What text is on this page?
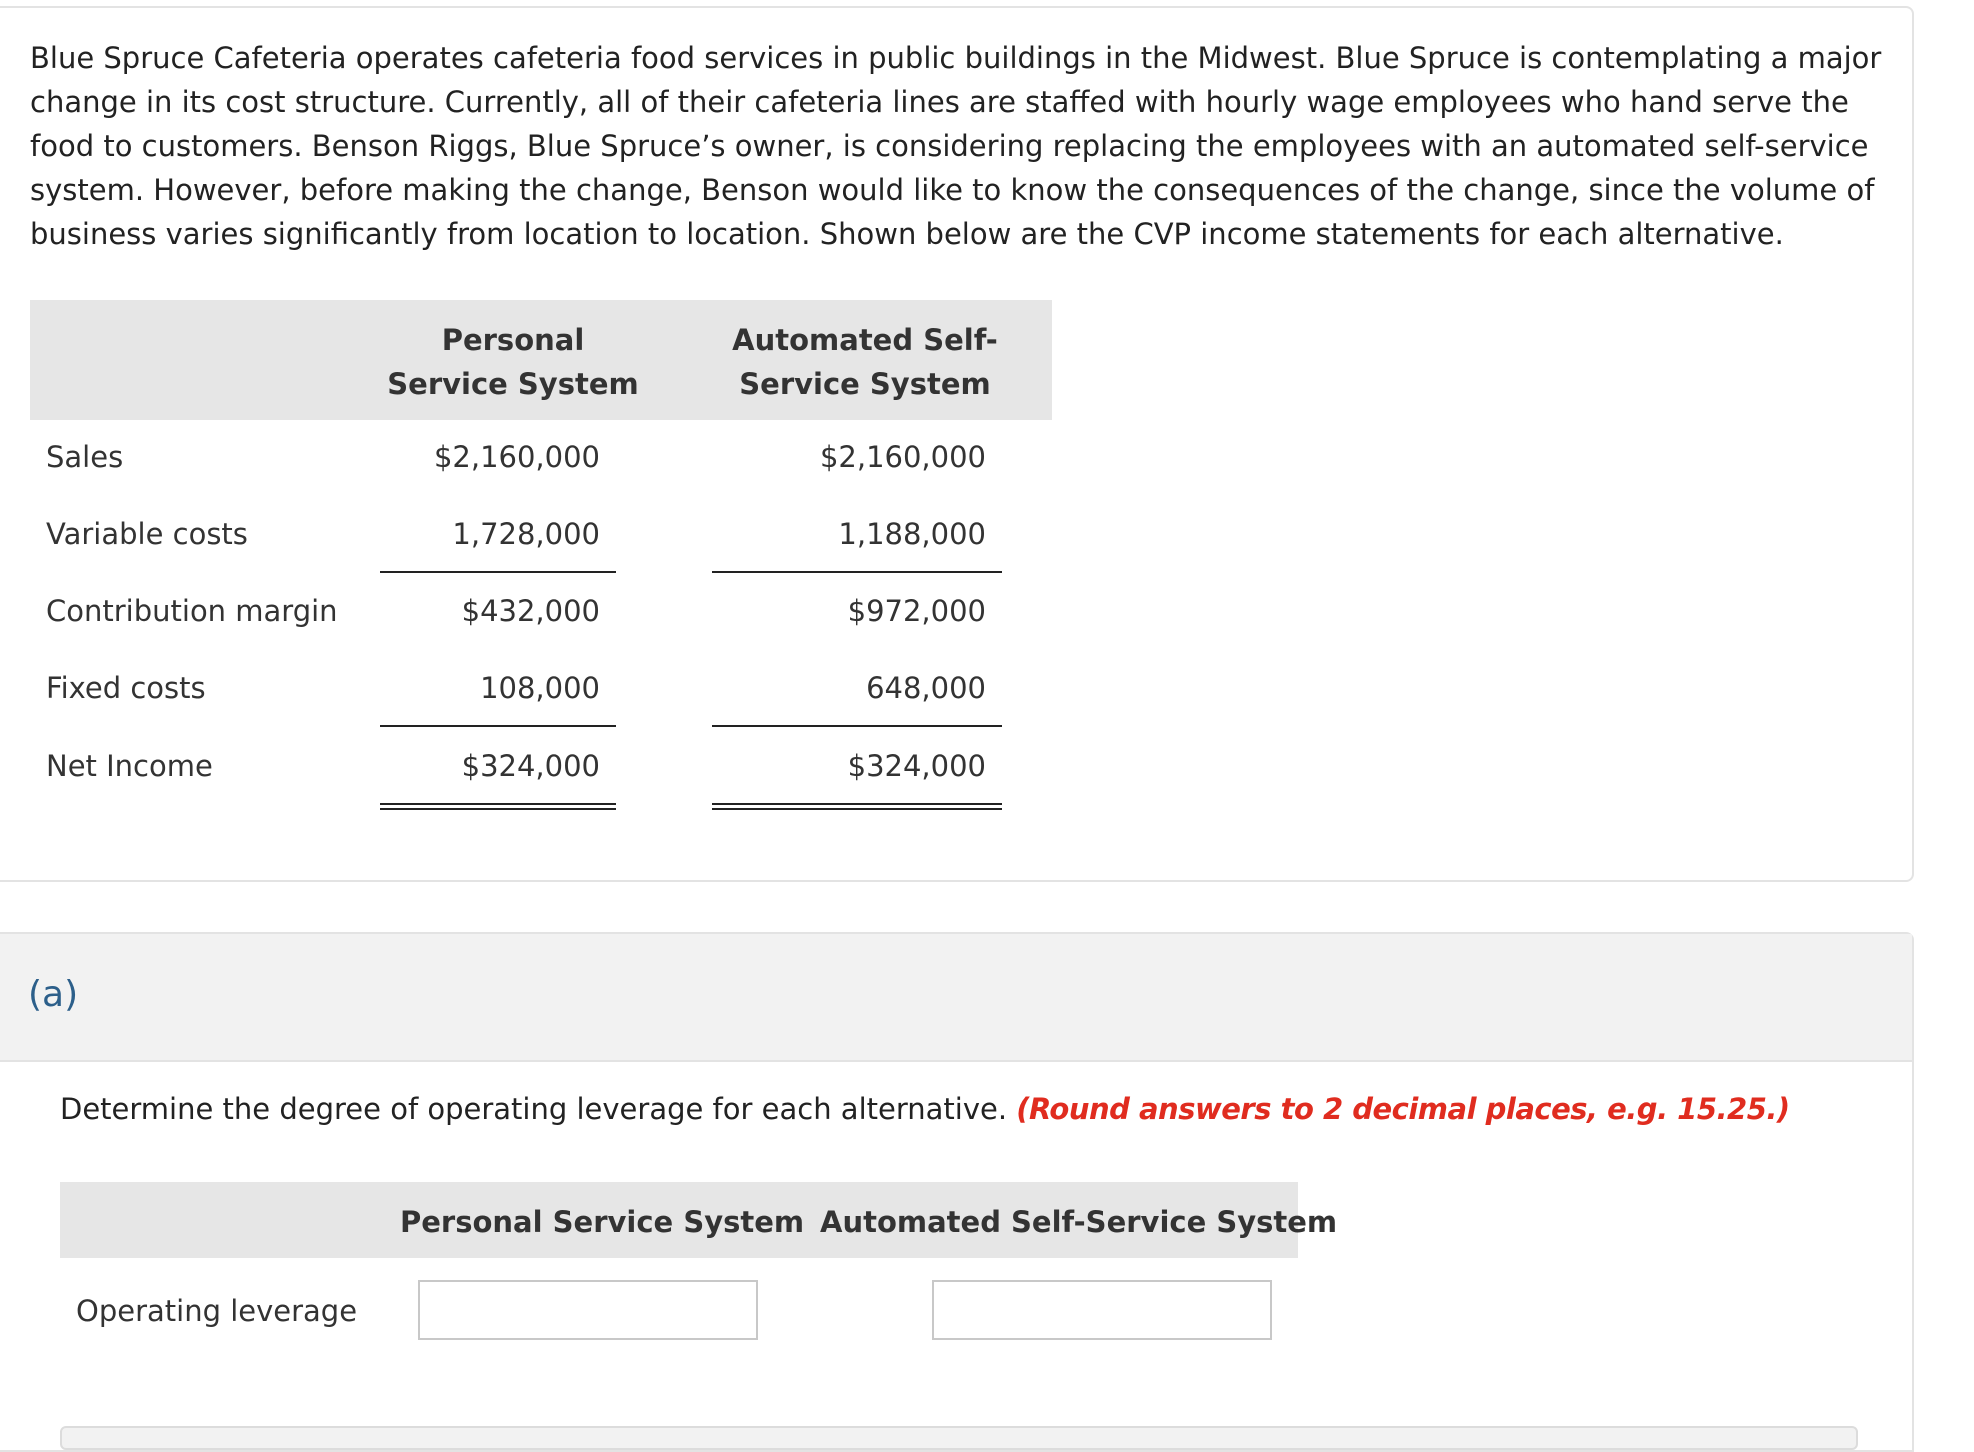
Blue Spruce Cafeteria operates cafeteria food services in public buildings in the Midwest. Blue Spruce is contemplating a major change in its cost structure. Currently, all of their cafeteria lines are staffed with hourly wage employees who hand serve the food to customers. Benson Riggs, Blue Spruce’s owner, is considering replacing the employees with an automated self-service system. However, before making the change, Benson would like to know the consequences of the change, since the volume of business varies significantly from location to location. Shown below are the CVP income statements for each alternative.
Personal Service System
Automated Self-Service System
Sales	$2,160,000	$2,160,000
Variable costs	1,728,000	1,188,000
Contribution margin	$432,000	$972,000
Fixed costs	108,000	648,000
Net Income	$324,000	$324,000
(a)
Determine the degree of operating leverage for each alternative. (Round answers to 2 decimal places, e.g. 15.25.)
Personal Service System Automated Self-Service System
Operating leverage
